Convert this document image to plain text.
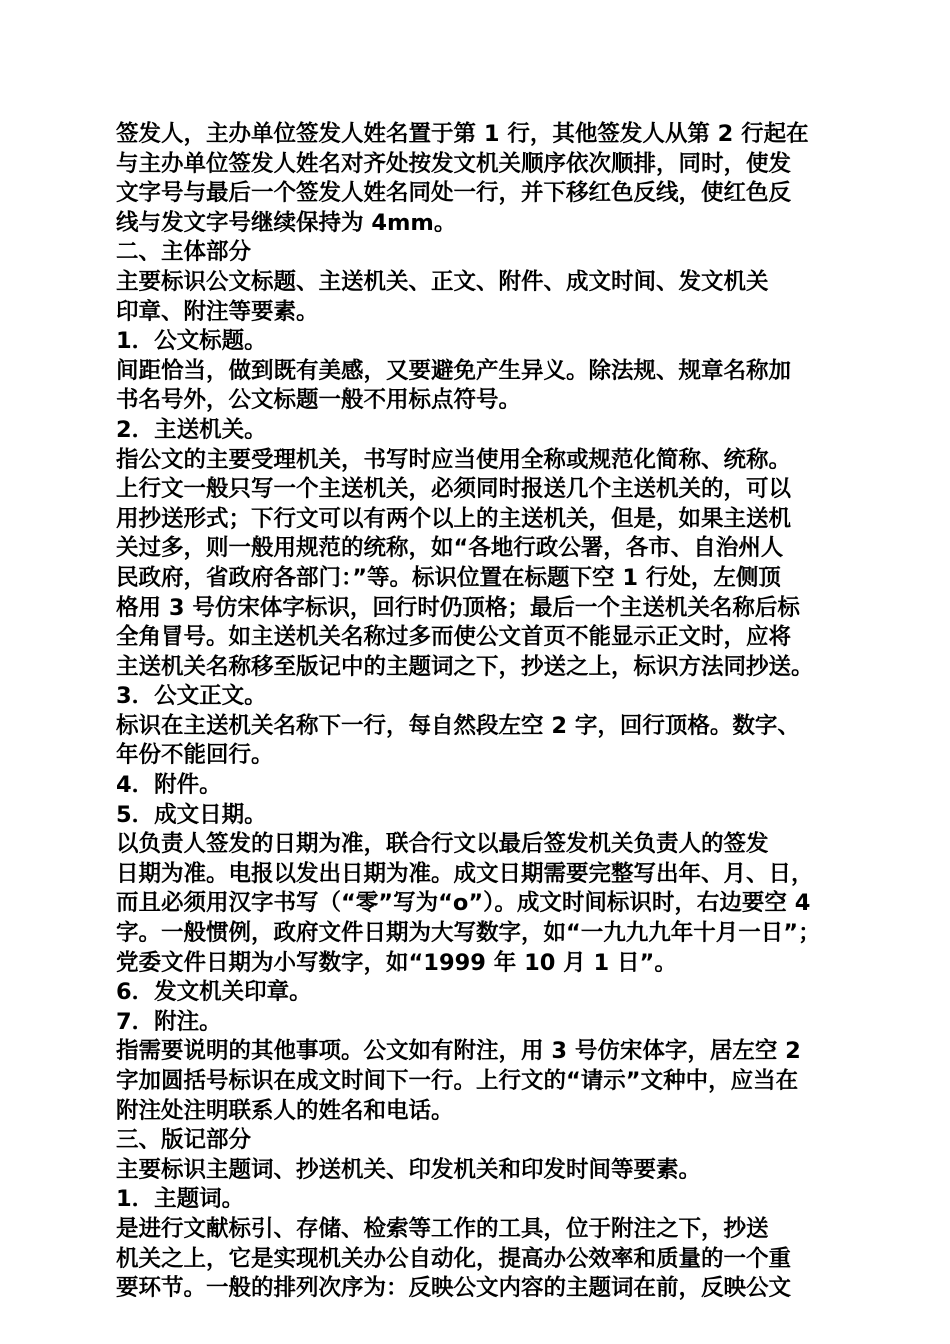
签发人，主办单位签发人姓名置于第 1 行，其他签发人从第 2 行起在
与主办单位签发人姓名对齐处按发文机关顺序依次顺排，同时，使发
文字号与最后一个签发人姓名同处一行，并下移红色反线，使红色反
线与发文字号继续保持为 4mm。
二、主体部分
主要标识公文标题、主送机关、正文、附件、成文时间、发文机关
印章、附注等要素。
1．公文标题。
间距恰当，做到既有美感，又要避免产生异义。除法规、规章名称加
书名号外，公文标题一般不用标点符号。
2．主送机关。
指公文的主要受理机关，书写时应当使用全称或规范化简称、统称。
上行文一般只写一个主送机关，必须同时报送几个主送机关的，可以
用抄送形式；下行文可以有两个以上的主送机关，但是，如果主送机
关过多，则一般用规范的统称，如“各地行政公署，各市、自治州人
民政府，省政府各部门：”等。标识位置在标题下空 1 行处，左侧顶
格用 3 号仿宋体字标识，回行时仍顶格；最后一个主送机关名称后标
全角冒号。如主送机关名称过多而使公文首页不能显示正文时，应将
主送机关名称移至版记中的主题词之下，抄送之上，标识方法同抄送。
3．公文正文。
标识在主送机关名称下一行，每自然段左空 2 字，回行顶格。数字、
年份不能回行。
4．附件。
5．成文日期。
以负责人签发的日期为准，联合行文以最后签发机关负责人的签发
日期为准。电报以发出日期为准。成文日期需要完整写出年、月、日，
而且必须用汉字书写（“零”写为“o”）。成文时间标识时，右边要空 4
字。一般惯例，政府文件日期为大写数字，如“一九九九年十月一日”；
党委文件日期为小写数字，如“1999 年 10 月 1 日”。
6．发文机关印章。
7．附注。
指需要说明的其他事项。公文如有附注，用 3 号仿宋体字，居左空 2
字加圆括号标识在成文时间下一行。上行文的“请示”文种中，应当在
附注处注明联系人的姓名和电话。
三、版记部分
主要标识主题词、抄送机关、印发机关和印发时间等要素。
1．主题词。
是进行文献标引、存储、检索等工作的工具，位于附注之下，抄送
机关之上，它是实现机关办公自动化，提高办公效率和质量的一个重
要环节。一般的排列次序为：反映公文内容的主题词在前，反映公文
